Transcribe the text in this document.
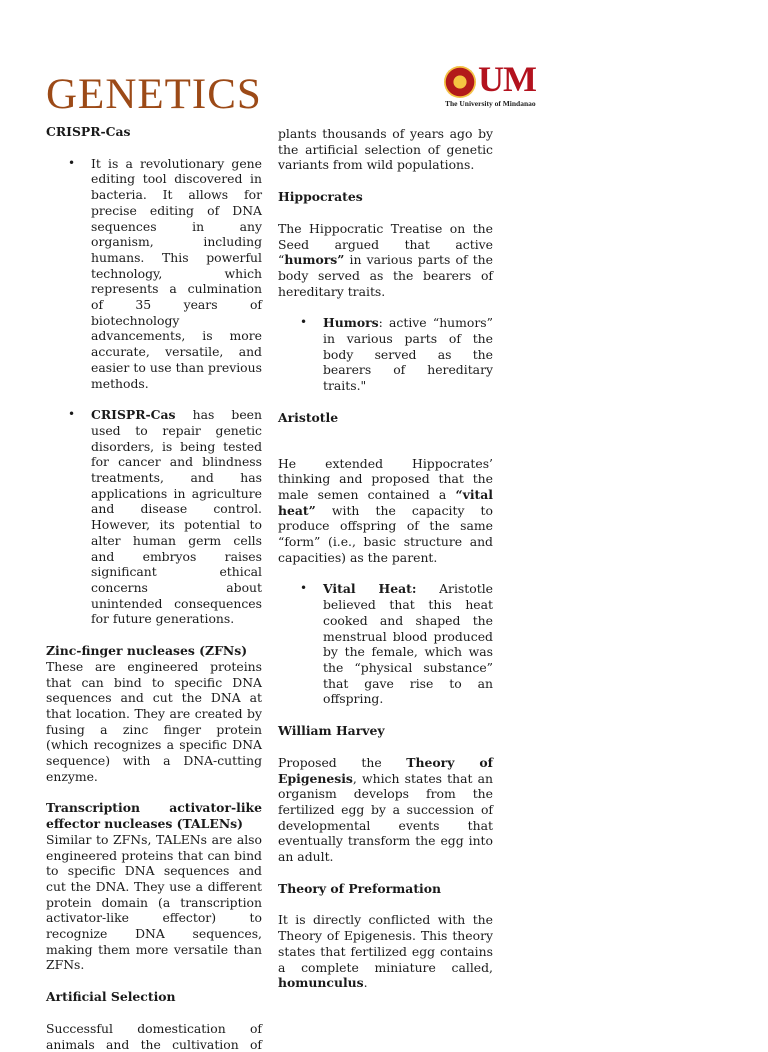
GENETICS	UM
The University of Mindanao

CRISPR-Cas

• It is a revolutionary gene editing tool discovered in bacteria. It allows for precise editing of DNA sequences in any organism, including humans. This powerful technology, which represents a culmination of 35 years of biotechnology advancements, is more accurate, versatile, and easier to use than previous methods.

• CRISPR-Cas has been used to repair genetic disorders, is being tested for cancer and blindness treatments, and has applications in agriculture and disease control. However, its potential to alter human germ cells and embryos raises significant ethical concerns about unintended consequences for future generations.

Zinc-finger nucleases (ZFNs)

These are engineered proteins that can bind to specific DNA sequences and cut the DNA at that location. They are created by fusing a zinc finger protein (which recognizes a specific DNA sequence) with a DNA-cutting enzyme.

Transcription activator-like effector nucleases (TALENs)

Similar to ZFNs, TALENs are also engineered proteins that can bind to specific DNA sequences and cut the DNA. They use a different protein domain (a transcription activator-like effector) to recognize DNA sequences, making them more versatile than ZFNs.

Artificial Selection

Successful domestication of animals and the cultivation of

plants thousands of years ago by the artificial selection of genetic variants from wild populations.

Hippocrates

The Hippocratic Treatise on the Seed argued that active “humors” in various parts of the body served as the bearers of hereditary traits.

• Humors: active “humors” in various parts of the body served as the bearers of hereditary traits."

Aristotle

He extended Hippocrates’ thinking and proposed that the male semen contained a “vital heat” with the capacity to produce offspring of the same “form” (i.e., basic structure and capacities) as the parent.

• Vital Heat: Aristotle believed that this heat cooked and shaped the menstrual blood produced by the female, which was the “physical substance” that gave rise to an offspring.

William Harvey

Proposed the Theory of Epigenesis, which states that an organism develops from the fertilized egg by a succession of developmental events that eventually transform the egg into an adult.

Theory of Preformation

It is directly conflicted with the Theory of Epigenesis. This theory states that fertilized egg contains a complete miniature called, homunculus.
